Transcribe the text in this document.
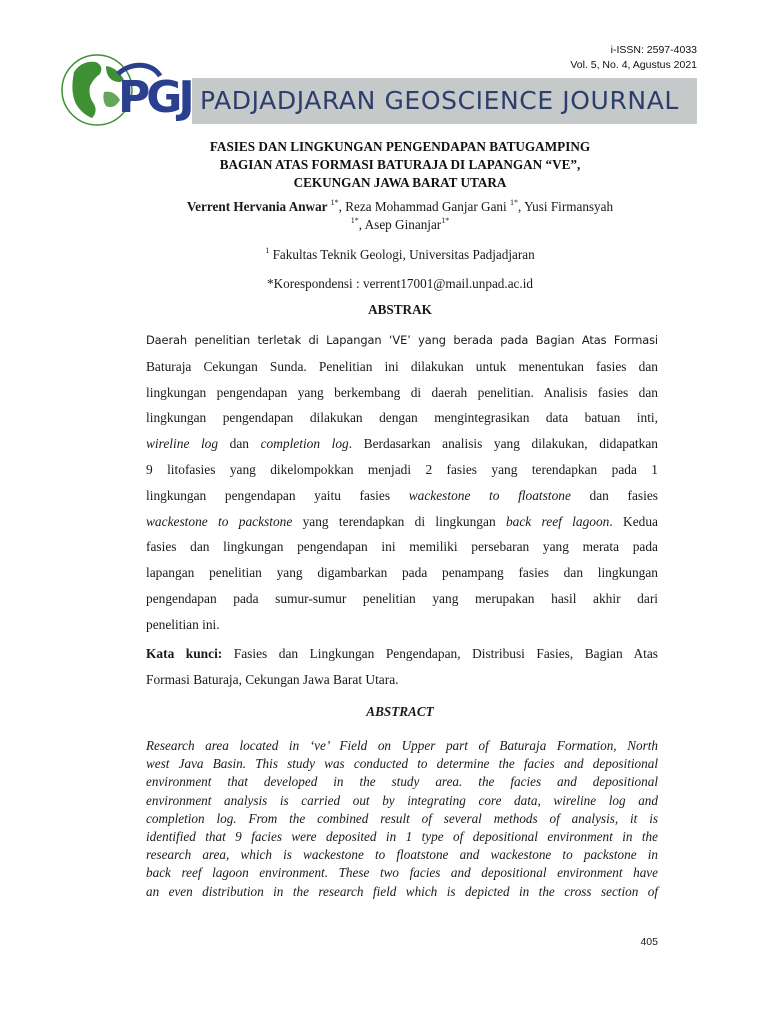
i-ISSN: 2597-4033
Vol. 5, No. 4, Agustus 2021
PGJ PADJADJARAN GEOSCIENCE JOURNAL
FASIES DAN LINGKUNGAN PENGENDAPAN BATUGAMPING
BAGIAN ATAS FORMASI BATURAJA DI LAPANGAN “VE”,
CEKUNGAN JAWA BARAT UTARA
Verrent Hervania Anwar $^{1*}$, Reza Mohammad Ganjar Gani $^{1*}$, Yusi Firmansyah
$^{1*}$, Asep Ginanjar$^{1*}$
$^1$ Fakultas Teknik Geologi, Universitas Padjadjaran
*Korespondensi : verrent17001@mail.unpad.ac.id
ABSTRAK
Daerah penelitian terletak di Lapangan ‘VE’ yang berada pada Bagian Atas Formasi
Baturaja Cekungan Sunda. Penelitian ini dilakukan untuk menentukan fasies dan
lingkungan pengendapan yang berkembang di daerah penelitian. Analisis fasies dan
lingkungan pengendapan dilakukan dengan mengintegrasikan data batuan inti,
wireline log dan completion log. Berdasarkan analisis yang dilakukan, didapatkan
9 litofasies yang dikelompokkan menjadi 2 fasies yang terendapkan pada 1
lingkungan pengendapan yaitu fasies wackestone to floatstone dan fasies
wackestone to packstone yang terendapkan di lingkungan back reef lagoon. Kedua
fasies dan lingkungan pengendapan ini memiliki persebaran yang merata pada
lapangan penelitian yang digambarkan pada penampang fasies dan lingkungan
pengendapan pada sumur-sumur penelitian yang merupakan hasil akhir dari
penelitian ini.
Kata kunci: Fasies dan Lingkungan Pengendapan, Distribusi Fasies, Bagian Atas
Formasi Baturaja, Cekungan Jawa Barat Utara.
ABSTRACT
Research area located in ‘ve’ Field on Upper part of Baturaja Formation, North
west Java Basin. This study was conducted to determine the facies and depositional
environment that developed in the study area. the facies and depositional
environment analysis is carried out by integrating core data, wireline log and
completion log. From the combined result of several methods of analysis, it is
identified that 9 facies were deposited in 1 type of depositional environment in the
research area, which is wackestone to floatstone and wackestone to packstone in
back reef lagoon environment. These two facies and depositional environment have
an even distribution in the research field which is depicted in the cross section of
405
